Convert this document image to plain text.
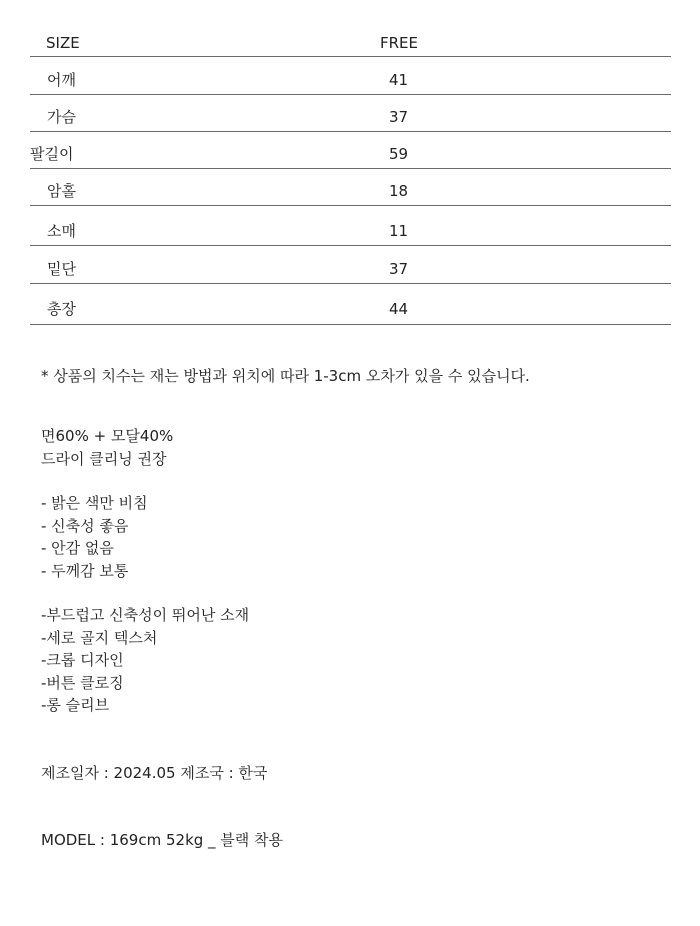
SIZE	FREE
어깨	41
가슴	37
팔길이	59
암홀	18
소매	11
밑단	37
총장	44
* 상품의 치수는 재는 방법과 위치에 따라 1-3cm 오차가 있을 수 있습니다.
면60% + 모달40%
드라이 클리닝 권장
- 밝은 색만 비침
- 신축성 좋음
- 안감 없음
- 두께감 보통
-부드럽고 신축성이 뛰어난 소재
-세로 골지 텍스처
-크롭 디자인
-버튼 클로징
-롱 슬리브
제조일자 : 2024.05 제조국 : 한국
MODEL : 169cm 52kg _ 블랙 착용
